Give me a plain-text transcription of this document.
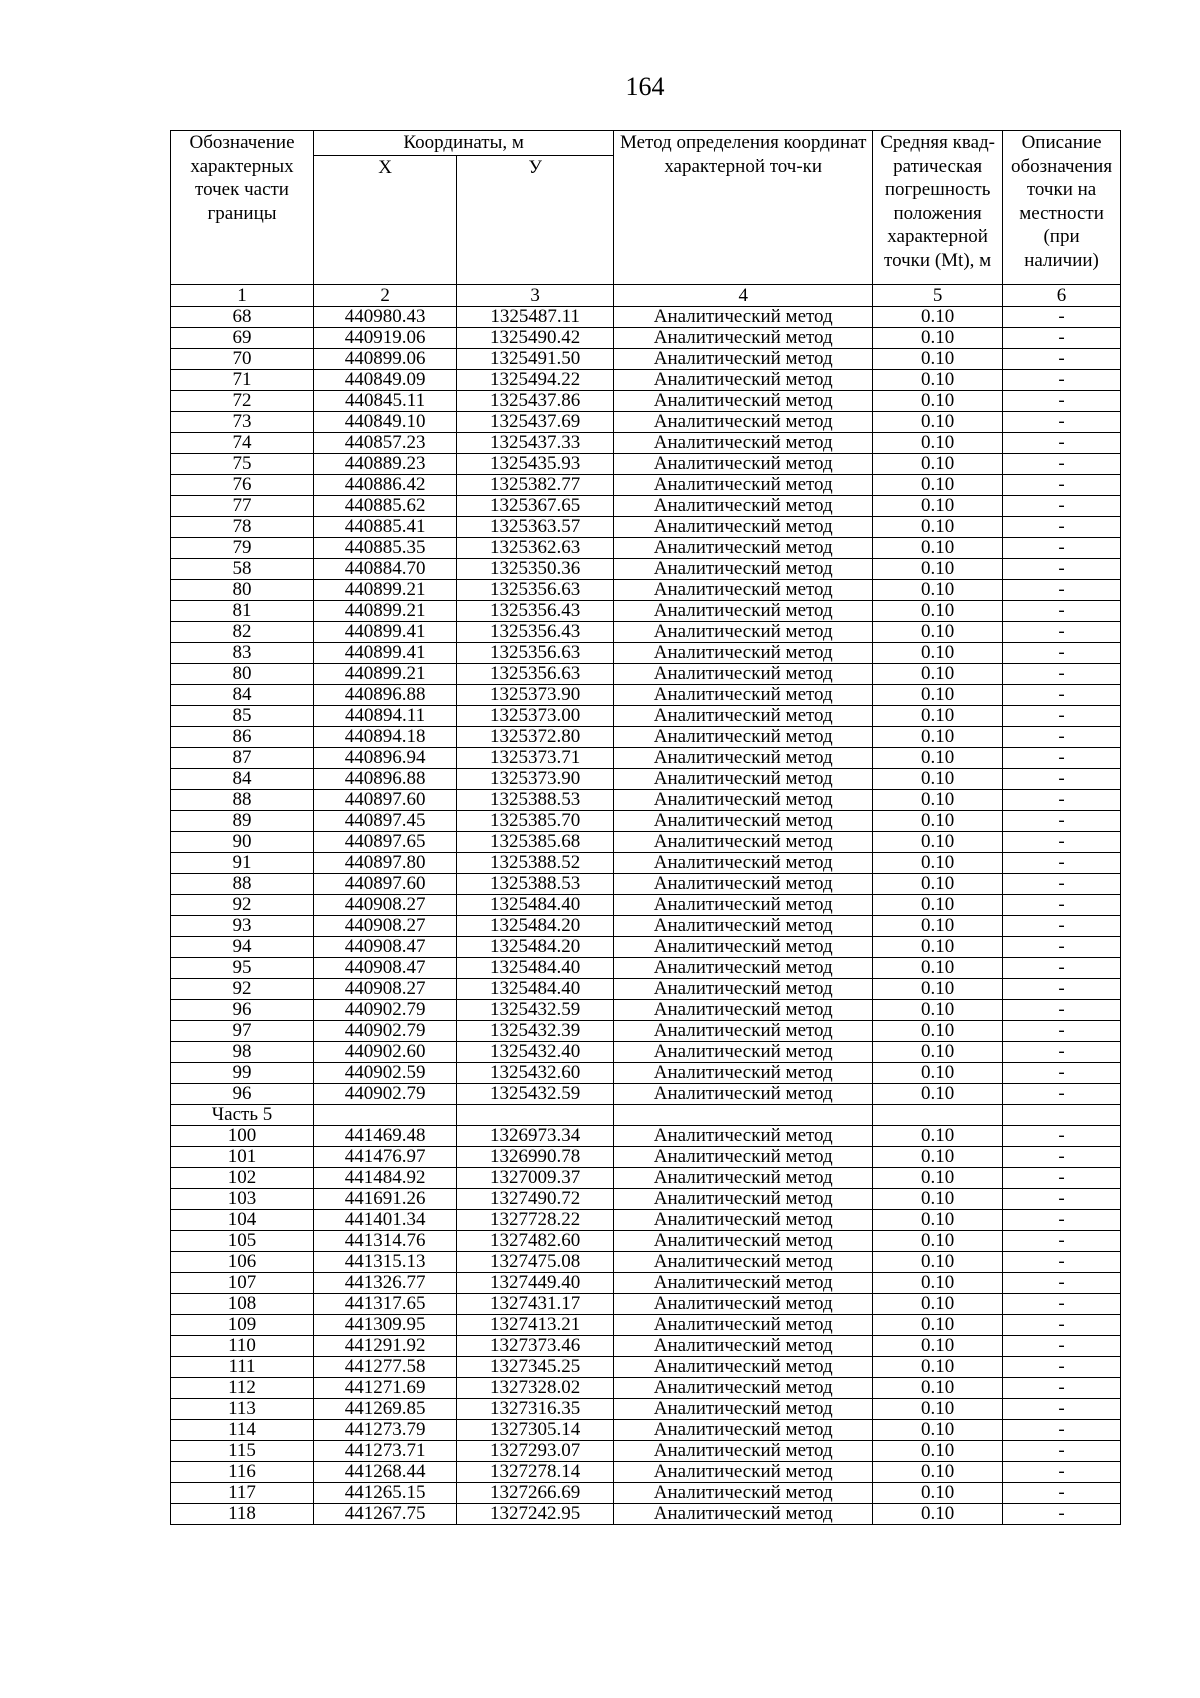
164
Обозначение характерных точек части границы	Координаты, м		Метод определения координат характерной точ-ки	Средняя квад-ратическая погрешность положения характерной точки (Мt), м	Описание обозначения точки на местности (при наличии)
	Х	У			
1	2	3	4	5	6
68	440980.43	1325487.11	Аналитический метод	0.10	-
69	440919.06	1325490.42	Аналитический метод	0.10	-
70	440899.06	1325491.50	Аналитический метод	0.10	-
71	440849.09	1325494.22	Аналитический метод	0.10	-
72	440845.11	1325437.86	Аналитический метод	0.10	-
73	440849.10	1325437.69	Аналитический метод	0.10	-
74	440857.23	1325437.33	Аналитический метод	0.10	-
75	440889.23	1325435.93	Аналитический метод	0.10	-
76	440886.42	1325382.77	Аналитический метод	0.10	-
77	440885.62	1325367.65	Аналитический метод	0.10	-
78	440885.41	1325363.57	Аналитический метод	0.10	-
79	440885.35	1325362.63	Аналитический метод	0.10	-
58	440884.70	1325350.36	Аналитический метод	0.10	-
80	440899.21	1325356.63	Аналитический метод	0.10	-
81	440899.21	1325356.43	Аналитический метод	0.10	-
82	440899.41	1325356.43	Аналитический метод	0.10	-
83	440899.41	1325356.63	Аналитический метод	0.10	-
80	440899.21	1325356.63	Аналитический метод	0.10	-
84	440896.88	1325373.90	Аналитический метод	0.10	-
85	440894.11	1325373.00	Аналитический метод	0.10	-
86	440894.18	1325372.80	Аналитический метод	0.10	-
87	440896.94	1325373.71	Аналитический метод	0.10	-
84	440896.88	1325373.90	Аналитический метод	0.10	-
88	440897.60	1325388.53	Аналитический метод	0.10	-
89	440897.45	1325385.70	Аналитический метод	0.10	-
90	440897.65	1325385.68	Аналитический метод	0.10	-
91	440897.80	1325388.52	Аналитический метод	0.10	-
88	440897.60	1325388.53	Аналитический метод	0.10	-
92	440908.27	1325484.40	Аналитический метод	0.10	-
93	440908.27	1325484.20	Аналитический метод	0.10	-
94	440908.47	1325484.20	Аналитический метод	0.10	-
95	440908.47	1325484.40	Аналитический метод	0.10	-
92	440908.27	1325484.40	Аналитический метод	0.10	-
96	440902.79	1325432.59	Аналитический метод	0.10	-
97	440902.79	1325432.39	Аналитический метод	0.10	-
98	440902.60	1325432.40	Аналитический метод	0.10	-
99	440902.59	1325432.60	Аналитический метод	0.10	-
96	440902.79	1325432.59	Аналитический метод	0.10	-
Часть 5					
100	441469.48	1326973.34	Аналитический метод	0.10	-
101	441476.97	1326990.78	Аналитический метод	0.10	-
102	441484.92	1327009.37	Аналитический метод	0.10	-
103	441691.26	1327490.72	Аналитический метод	0.10	-
104	441401.34	1327728.22	Аналитический метод	0.10	-
105	441314.76	1327482.60	Аналитический метод	0.10	-
106	441315.13	1327475.08	Аналитический метод	0.10	-
107	441326.77	1327449.40	Аналитический метод	0.10	-
108	441317.65	1327431.17	Аналитический метод	0.10	-
109	441309.95	1327413.21	Аналитический метод	0.10	-
110	441291.92	1327373.46	Аналитический метод	0.10	-
111	441277.58	1327345.25	Аналитический метод	0.10	-
112	441271.69	1327328.02	Аналитический метод	0.10	-
113	441269.85	1327316.35	Аналитический метод	0.10	-
114	441273.79	1327305.14	Аналитический метод	0.10	-
115	441273.71	1327293.07	Аналитический метод	0.10	-
116	441268.44	1327278.14	Аналитический метод	0.10	-
117	441265.15	1327266.69	Аналитический метод	0.10	-
118	441267.75	1327242.95	Аналитический метод	0.10	-
